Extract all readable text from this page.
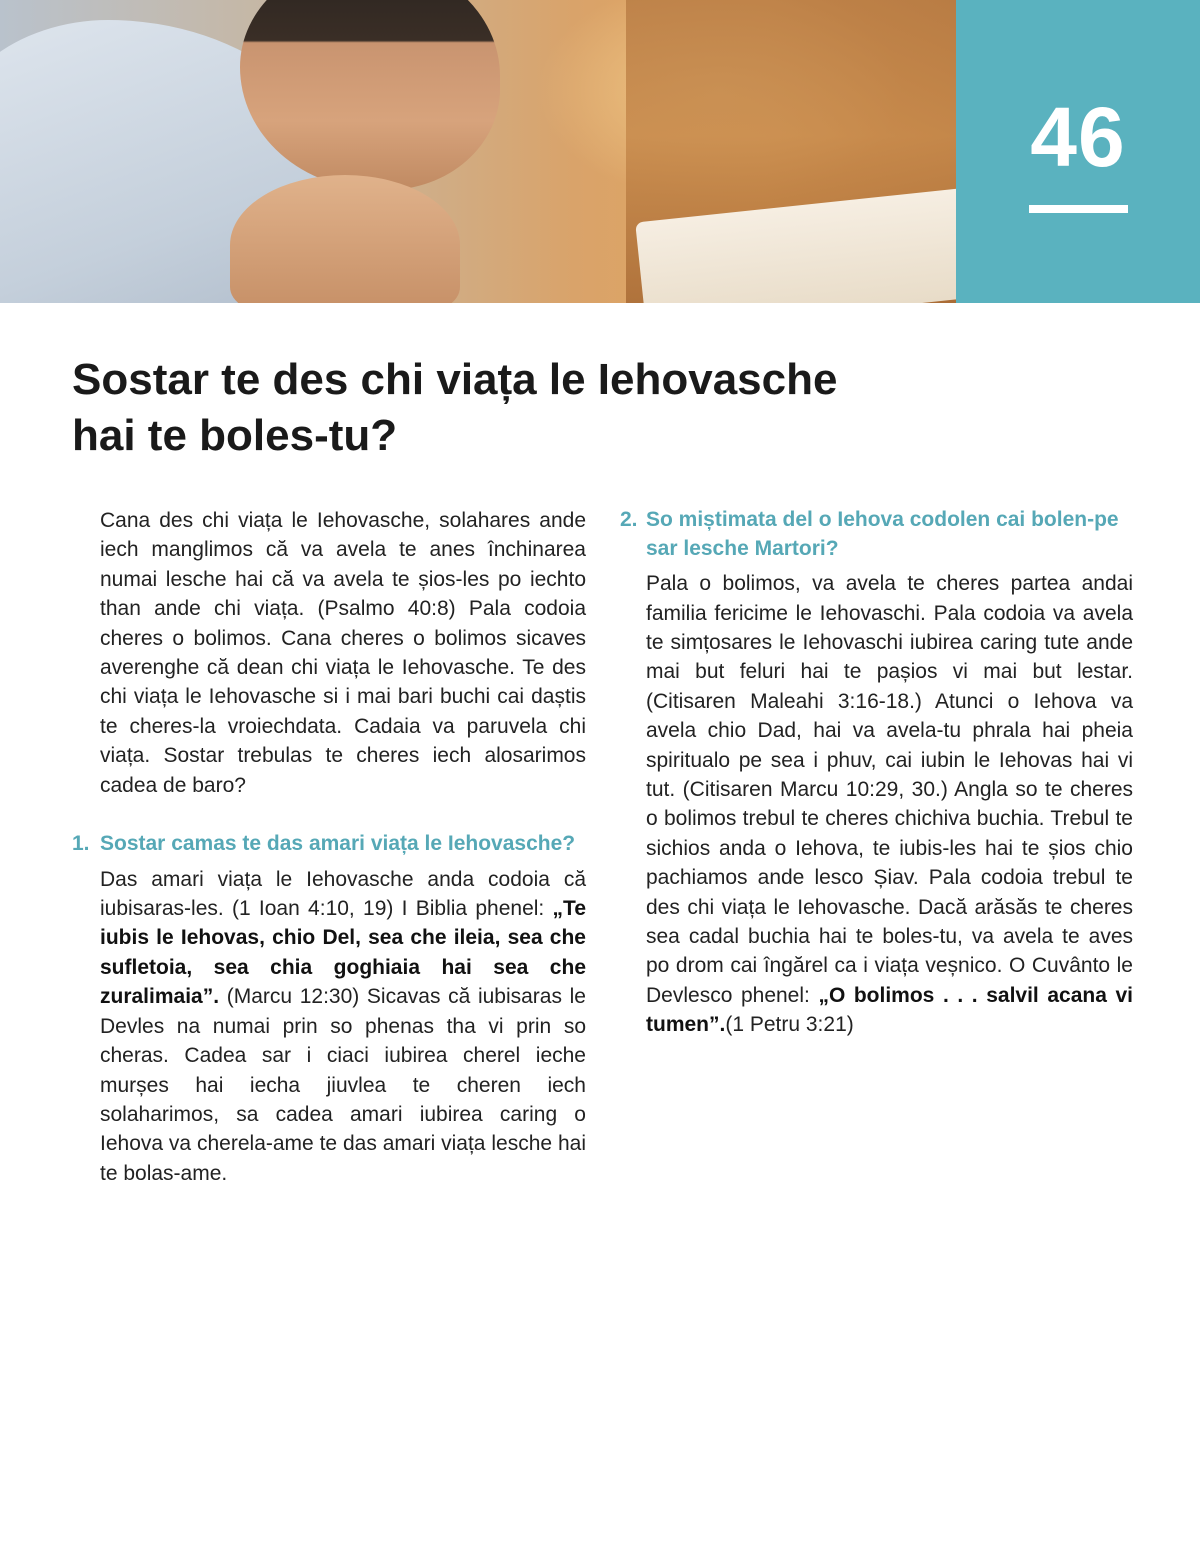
46
Sostar te des chi viața le Iehovasche
hai te boles-tu?

Cana des chi viața le Iehovasche, solahares ande iech manglimos că va avela te anes închinarea numai lesche hai că va avela te șios-les po iechto than ande chi viața. (Psalmo 40:8) Pala codoia cheres o bolimos. Cana cheres o bolimos sicaves averenghe că dean chi viața le Iehovasche. Te des chi viața le Iehovasche si i mai bari buchi cai daștis te cheres-la vroiechdata. Cadaia va paruvela chi viața. Sostar trebulas te cheres iech alosarimos cadea de baro?

1. Sostar camas te das amari viața le Iehovasche?

Das amari viața le Iehovasche anda codoia că iubisaras-les. (1 Ioan 4:10, 19) I Biblia phenel: „Te iubis le Iehovas, chio Del, sea che ileia, sea che sufletoia, sea chia goghiaia hai sea che zuralimaia”. (Marcu 12:30) Sicavas că iubisaras le Devles na numai prin so phenas tha vi prin so cheras. Cadea sar i ciaci iubirea cherel ieche murșes hai iecha jiuvlea te cheren iech solaharimos, sa cadea amari iubirea caring o Iehova va cherela-ame te das amari viața lesche hai te bolas-ame.

2. So miștimata del o Iehova codolen cai bolen-pe sar lesche Martori?

Pala o bolimos, va avela te cheres partea andai familia fericime le Iehovaschi. Pala codoia va avela te simțosares le Iehovaschi iubirea caring tute ande mai but feluri hai te pașios vi mai but lestar. (Citisaren Maleahi 3:16-18.) Atunci o Iehova va avela chio Dad, hai va avela-tu phrala hai pheia spiritualo pe sea i phuv, cai iubin le Iehovas hai vi tut. (Citisaren Marcu 10:29, 30.) Angla so te cheres o bolimos trebul te cheres chichiva buchia. Trebul te sichios anda o Iehova, te iubis-les hai te șios chio pachiamos ande lesco Șiav. Pala codoia trebul te des chi viața le Iehovasche. Dacă arăsăs te cheres sea cadal buchia hai te boles-tu, va avela te aves po drom cai îngărel ca i viața veșnico. O Cuvânto le Devlesco phenel: „O bolimos . . . salvil acana vi tumen”.(1 Petru 3:21)
